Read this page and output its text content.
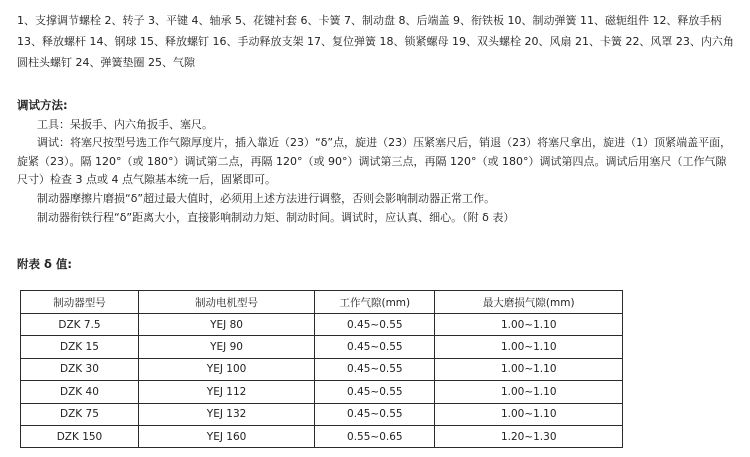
1、支撑调节螺栓 2、转子 3、平键 4、轴承 5、花键衬套 6、卡簧 7、制动盘 8、后端盖 9、衔铁板 10、制动弹簧 11、磁轭组件 12、释放手柄 13、释放螺杆 14、钢球 15、释放螺钉 16、手动释放支架 17、复位弹簧 18、锁紧螺母 19、双头螺栓 20、风扇 21、卡簧 22、风罩 23、内六角圆柱头螺钉 24、弹簧垫圈 25、气隙
调试方法:
工具：呆扳手、内六角扳手、塞尺。
调试：将塞尺按型号选工作气隙厚度片，插入靠近（23）“δ”点，旋进（23）压紧塞尺后，销退（23）将塞尺拿出，旋进（1）顶紧端盖平面，旋紧（23）。隔 120°（或 180°）调试第二点，再隔 120°（或 90°）调试第三点，再隔 120°（或 180°）调试第四点。调试后用塞尺（工作气隙尺寸）检查 3 点或 4 点气隙基本统一后，固紧即可。
制动器摩擦片磨损“δ”超过最大值时，必须用上述方法进行调整，否则会影响制动器正常工作。
制动器衔铁行程“δ”距离大小，直接影响制动力矩、制动时间。调试时，应认真、细心。（附 δ 表）
附表 δ 值:
制动器型号	制动电机型号	工作气隙(mm)	最大磨损气隙(mm)
DZK 7.5	YEJ 80	0.45~0.55	1.00~1.10
DZK 15	YEJ 90	0.45~0.55	1.00~1.10
DZK 30	YEJ 100	0.45~0.55	1.00~1.10
DZK 40	YEJ 112	0.45~0.55	1.00~1.10
DZK 75	YEJ 132	0.45~0.55	1.00~1.10
DZK 150	YEJ 160	0.55~0.65	1.20~1.30
